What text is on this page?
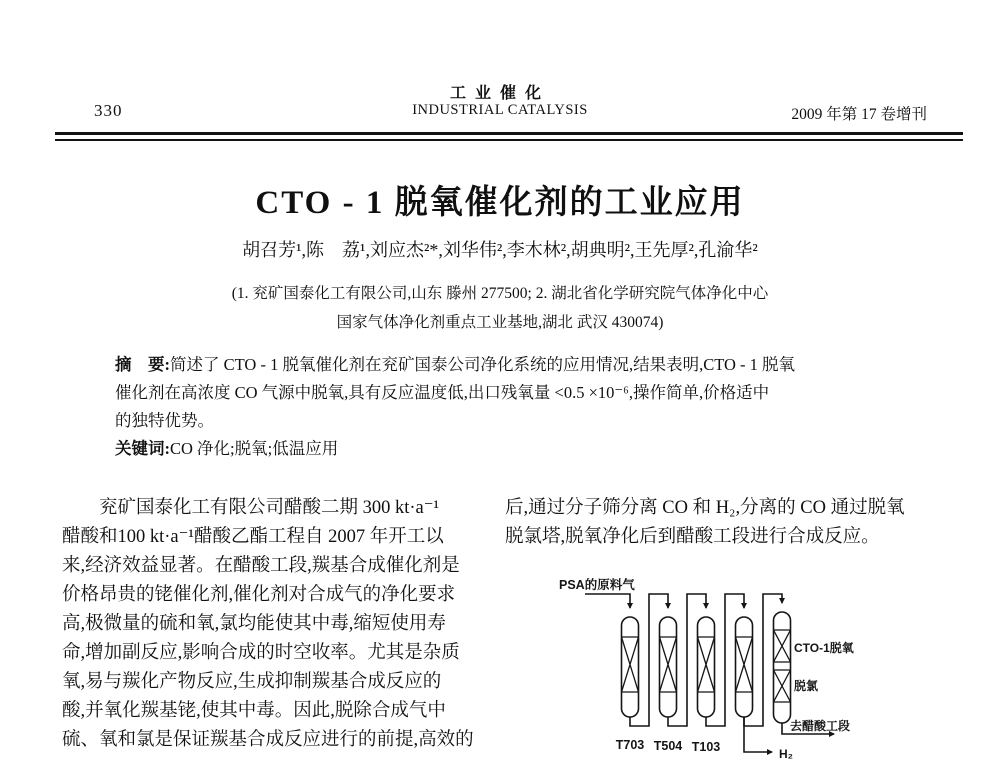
330
工业催化
INDUSTRIAL CATALYSIS	2009 年第 17 卷增刊
CTO - 1 脱氧催化剂的工业应用
胡召芳¹,陈　荔¹,刘应杰²*,刘华伟²,李木林²,胡典明²,王先厚²,孔渝华²
(1. 兖矿国泰化工有限公司,山东 滕州 277500; 2. 湖北省化学研究院气体净化中心
国家气体净化剂重点工业基地,湖北 武汉 430074)
摘　要:简述了 CTO - 1 脱氧催化剂在兖矿国泰公司净化系统的应用情况,结果表明,CTO - 1 脱氧
催化剂在高浓度 CO 气源中脱氧,具有反应温度低,出口残氧量 <0.5 ×10⁻⁶,操作简单,价格适中
的独特优势。
关键词:CO 净化;脱氧;低温应用
兖矿国泰化工有限公司醋酸二期 300 kt·a⁻¹
醋酸和100 kt·a⁻¹醋酸乙酯工程自 2007 年开工以
来,经济效益显著。在醋酸工段,羰基合成催化剂是
价格昂贵的铑催化剂,催化剂对合成气的净化要求
高,极微量的硫和氧,氯均能使其中毒,缩短使用寿
命,增加副反应,影响合成的时空收率。尤其是杂质
氧,易与羰化产物反应,生成抑制羰基合成反应的
酸,并氧化羰基铑,使其中毒。因此,脱除合成气中
硫、氧和氯是保证羰基合成反应进行的前提,高效的
后,通过分子筛分离 CO 和 H₂,分离的 CO 通过脱氧
脱氯塔,脱氧净化后到醋酸工段进行合成反应。
PSA的原料气
T703 T504 T103
CTO-1脱氧
脱氯
去醋酸工段
H₂
